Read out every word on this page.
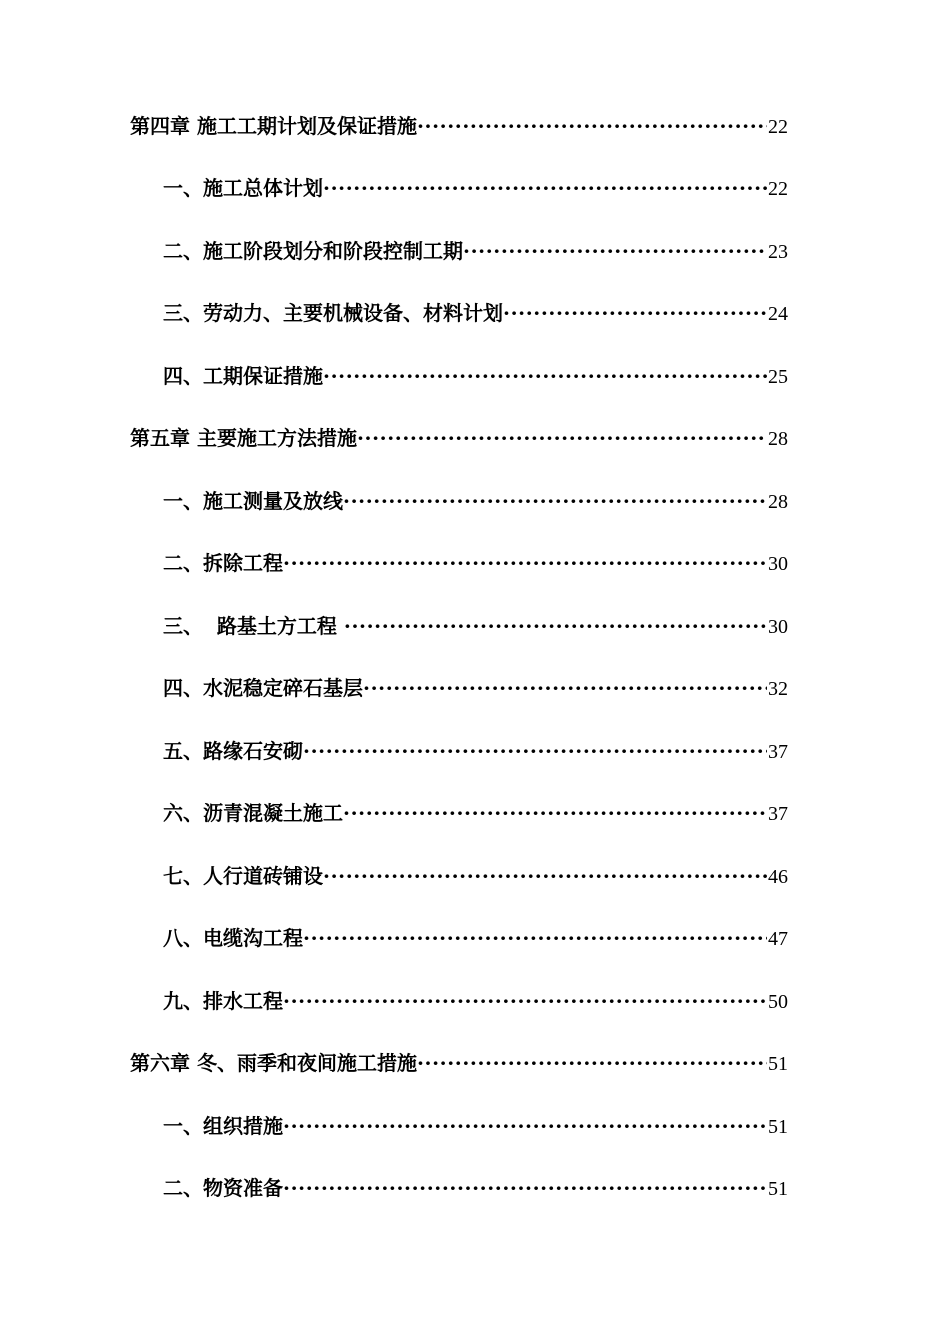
第四章 施工工期计划及保证措施 ·····	22
一、施工总体计划 ·····	22
二、施工阶段划分和阶段控制工期 ·····	23
三、劳动力、主要机械设备、材料计划 ·····	24
四、工期保证措施 ·····	25
第五章 主要施工方法措施 ·····	28
一、施工测量及放线 ·····	28
二、拆除工程 ·····	30
三、  路基土方工程 ·····	30
四、水泥稳定碎石基层 ·····	32
五、路缘石安砌 ·····	37
六、沥青混凝土施工 ·····	37
七、人行道砖铺设 ·····	46
八、电缆沟工程 ·····	47
九、排水工程 ·····	50
第六章 冬、雨季和夜间施工措施 ·····	51
一、组织措施 ·····	51
二、物资准备 ·····	51
